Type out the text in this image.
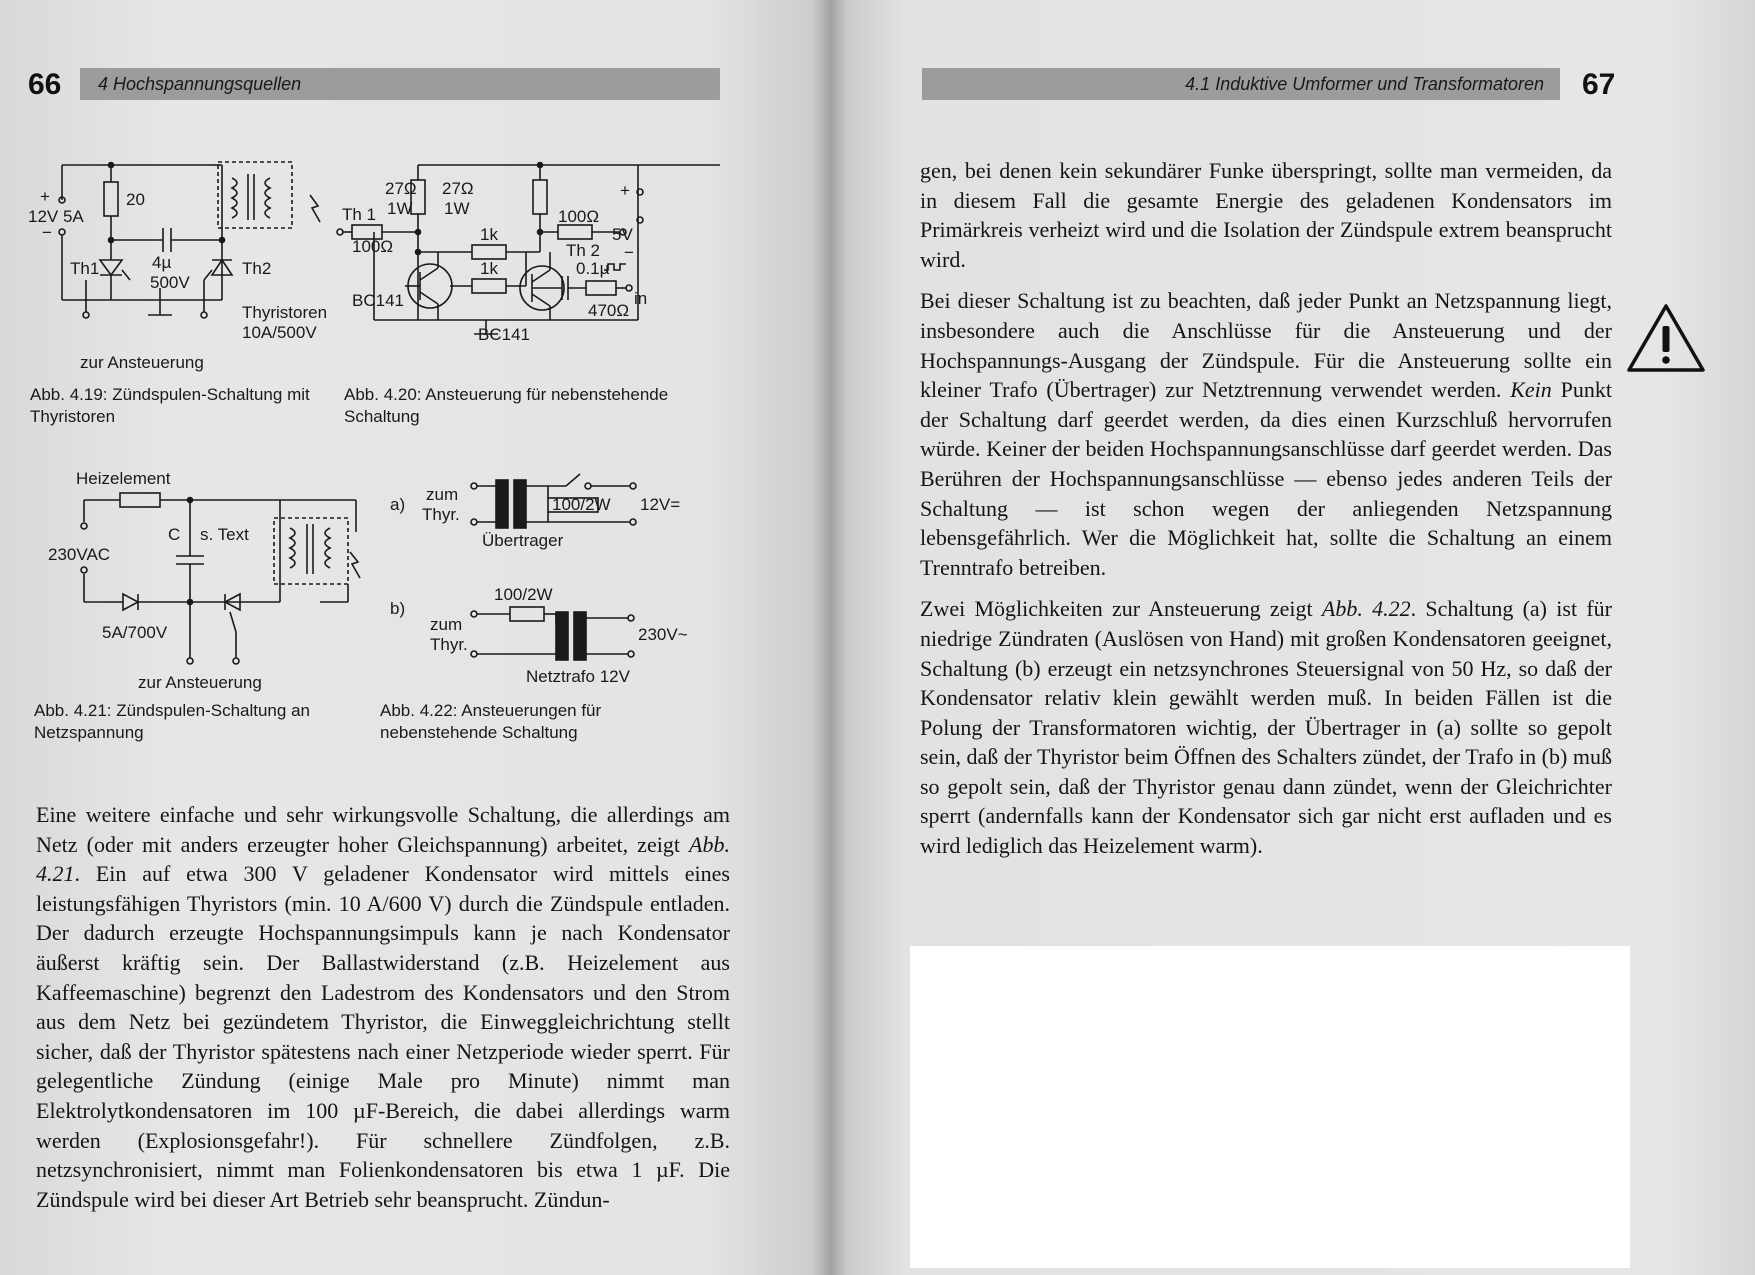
66	4 Hochspannungsquellen
20
+
12V 5A
−
4µ
500V
Th1	Th2
Thyristoren
10A/500V
zur Ansteuerung
Abb. 4.19: Zündspulen-Schaltung mit Thyristoren
27Ω
1W
27Ω
1W
Th 1
100Ω
1k
1k
100Ω
Th 2
+
5V
−
BC141
BC141
0.1µ
470Ω
in
Abb. 4.20: Ansteuerung für nebenstehende Schaltung
Heizelement
C s. Text
230VAC
5A/700V
zur Ansteuerung
Abb. 4.21: Zündspulen-Schaltung an Netzspannung
a)
zum
Thyr.
100/2W 12V=
Übertrager
b)
100/2W
zum
Thyr.
230V~
Netztrafo 12V
Abb. 4.22: Ansteuerungen für nebenstehende Schaltung

Eine weitere einfache und sehr wirkungsvolle Schaltung, die allerdings am Netz (oder mit anders erzeugter hoher Gleichspannung) arbeitet, zeigt Abb. 4.21. Ein auf etwa 300 V geladener Kondensator wird mittels eines leistungsfähigen Thyristors (min. 10 A/600 V) durch die Zündspule entladen. Der dadurch erzeugte Hochspannungsimpuls kann je nach Kondensator äußerst kräftig sein. Der Ballastwiderstand (z.B. Heizelement aus Kaffeemaschine) begrenzt den Ladestrom des Kondensators und den Strom aus dem Netz bei gezündetem Thyristor, die Einweggleichrichtung stellt sicher, daß der Thyristor spätestens nach einer Netzperiode wieder sperrt. Für gelegentliche Zündung (einige Male pro Minute) nimmt man Elektrolytkondensatoren im 100 µF-Bereich, die dabei allerdings warm werden (Explosionsgefahr!). Für schnellere Zündfolgen, z.B. netzsynchronisiert, nimmt man Folienkondensatoren bis etwa 1 µF. Die Zündspule wird bei dieser Art Betrieb sehr beansprucht. Zündun-

4.1 Induktive Umformer und Transformatoren	67

gen, bei denen kein sekundärer Funke überspringt, sollte man vermeiden, da in diesem Fall die gesamte Energie des geladenen Kondensators im Primärkreis verheizt wird und die Isolation der Zündspule extrem beansprucht wird.

Bei dieser Schaltung ist zu beachten, daß jeder Punkt an Netzspannung liegt, insbesondere auch die Anschlüsse für die Ansteuerung und der Hochspannungs-Ausgang der Zündspule. Für die Ansteuerung sollte ein kleiner Trafo (Übertrager) zur Netztrennung verwendet werden. Kein Punkt der Schaltung darf geerdet werden, da dies einen Kurzschluß hervorrufen würde. Keiner der beiden Hochspannungsanschlüsse darf geerdet werden. Das Berühren der Hochspannungsanschlüsse — ebenso jedes anderen Teils der Schaltung — ist schon wegen der anliegenden Netzspannung lebensgefährlich. Wer die Möglichkeit hat, sollte die Schaltung an einem Trenntrafo betreiben.

Zwei Möglichkeiten zur Ansteuerung zeigt Abb. 4.22. Schaltung (a) ist für niedrige Zündraten (Auslösen von Hand) mit großen Kondensatoren geeignet, Schaltung (b) erzeugt ein netzsynchrones Steuersignal von 50 Hz, so daß der Kondensator relativ klein gewählt werden muß. In beiden Fällen ist die Polung der Transformatoren wichtig, der Übertrager in (a) sollte so gepolt sein, daß der Thyristor beim Öffnen des Schalters zündet, der Trafo in (b) muß so gepolt sein, daß der Thyristor genau dann zündet, wenn der Gleichrichter sperrt (andernfalls kann der Kondensator sich gar nicht erst aufladen und es wird lediglich das Heizelement warm).
